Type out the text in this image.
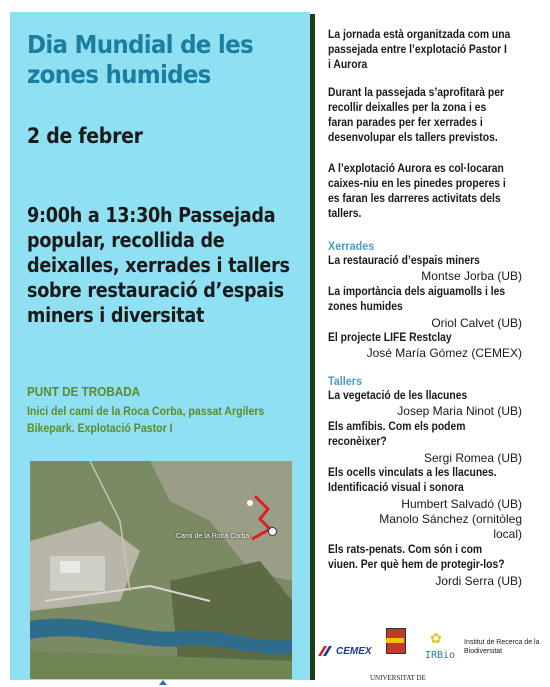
Dia Mundial de les zones humides
2 de febrer
9:00h a 13:30h Passejada popular, recollida de deixalles, xerrades i tallers sobre restauració d’espais miners i diversitat
PUNT DE TROBADA
Inici del camí de la Roca Corba, passat Argilers
Bikepark. Explotació Pastor I
Camí de la Roca Corba
La jornada està organitzada com una passejada entre l’explotació Pastor I i Aurora
Durant la passejada s’aprofitarà per recollir deixalles per la zona i es faran parades per fer xerrades i desenvolupar els tallers previstos.
A l’explotació Aurora es col·locaran caixes-niu en les pinedes properes i es faran les darreres activitats dels tallers.
Xerrades
La restauració d’espais miners
Montse Jorba (UB)
La importància dels aiguamolls i les zones humides
Oriol Calvet (UB)
El projecte LIFE Restclay
José María Gómez (CEMEX)
Tallers
La vegetació de les llacunes
Josep Maria Ninot (UB)
Els amfibis. Com els podem reconèixer?
Sergi Romea (UB)
Els ocells vinculats a les llacunes. Identificació visual i sonora
Humbert Salvadó (UB)
Manolo Sánchez (ornitòleg
local)
Els rats-penats. Com són i com viuen. Per què hem de protegir-los?
Jordi Serra (UB)
CEMEX
UNIVERSITAT DE
✿
IRBio
Institut de Recerca de la Biodiversitat
